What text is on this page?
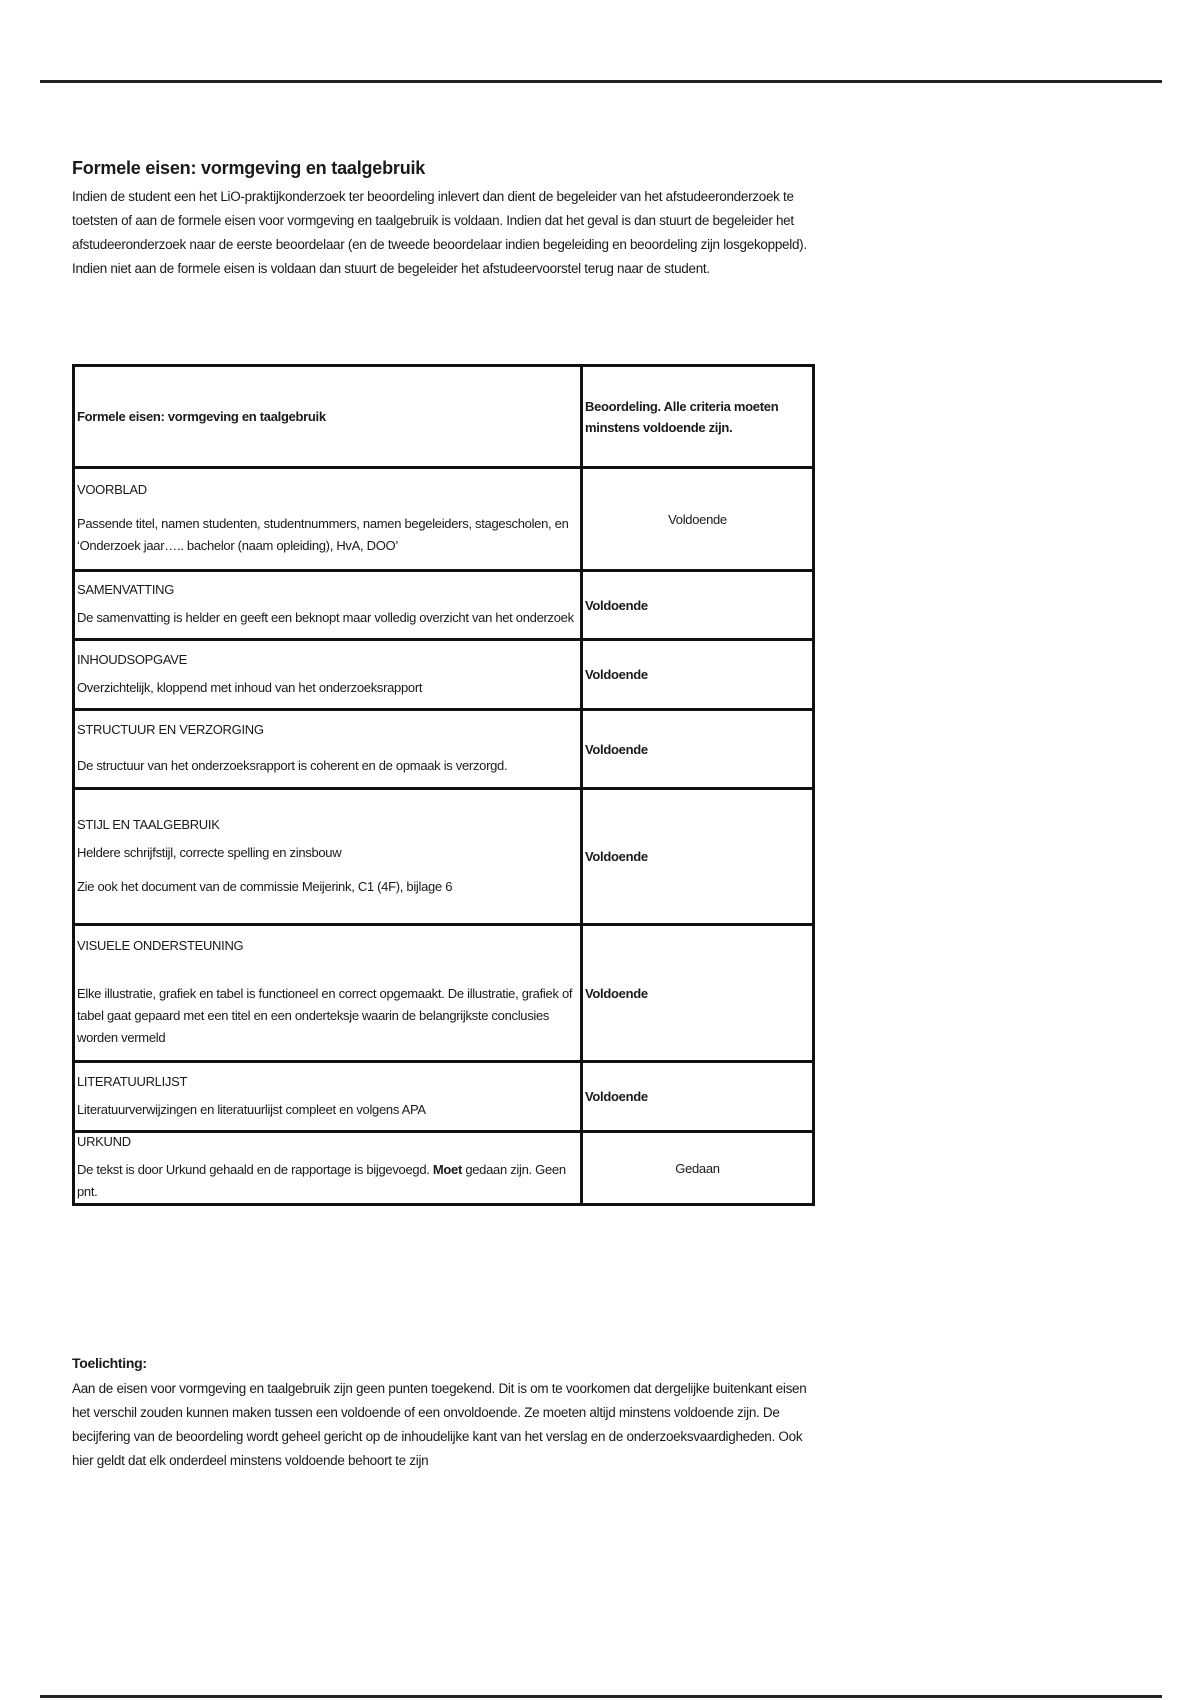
Formele eisen: vormgeving en taalgebruik

Indien de student een het LiO-praktijkonderzoek ter beoordeling inlevert dan dient de begeleider van het afstudeeronderzoek te toetsten of aan de formele eisen voor vormgeving en taalgebruik is voldaan. Indien dat het geval is dan stuurt de begeleider het afstudeeronderzoek naar de eerste beoordelaar (en de tweede beoordelaar indien begeleiding en beoordeling zijn losgekoppeld). Indien niet aan de formele eisen is voldaan dan stuurt de begeleider het afstudeervoorstel terug naar de student.

Formele eisen: vormgeving en taalgebruik	Beoordeling. Alle criteria moeten minstens voldoende zijn.

VOORBLAD
Passende titel, namen studenten, studentnummers, namen begeleiders, stagescholen, en ‘Onderzoek jaar….. bachelor (naam opleiding), HvA, DOO’	Voldoende

SAMENVATTING
De samenvatting is helder en geeft een beknopt maar volledig overzicht van het onderzoek	Voldoende

INHOUDSOPGAVE
Overzichtelijk, kloppend met inhoud van het onderzoeksrapport	Voldoende

STRUCTUUR EN VERZORGING
De structuur van het onderzoeksrapport is coherent en de opmaak is verzorgd.	Voldoende

STIJL EN TAALGEBRUIK
Heldere schrijfstijl, correcte spelling en zinsbouw
Zie ook het document van de commissie Meijerink, C1 (4F), bijlage 6	Voldoende

VISUELE ONDERSTEUNING
Elke illustratie, grafiek en tabel is functioneel en correct opgemaakt. De illustratie, grafiek of tabel gaat gepaard met een titel en een onderteksje waarin de belangrijkste conclusies worden vermeld	Voldoende

LITERATUURLIJST
Literatuurverwijzingen en literatuurlijst compleet en volgens APA	Voldoende

URKUND
De tekst is door Urkund gehaald en de rapportage is bijgevoegd. Moet gedaan zijn. Geen pnt.	Gedaan
Toelichting:

Aan de eisen voor vormgeving en taalgebruik zijn geen punten toegekend. Dit is om te voorkomen dat dergelijke buitenkant eisen het verschil zouden kunnen maken tussen een voldoende of een onvoldoende. Ze moeten altijd minstens voldoende zijn. De becijfering van de beoordeling wordt geheel gericht op de inhoudelijke kant van het verslag en de onderzoeksvaardigheden. Ook hier geldt dat elk onderdeel minstens voldoende behoort te zijn
